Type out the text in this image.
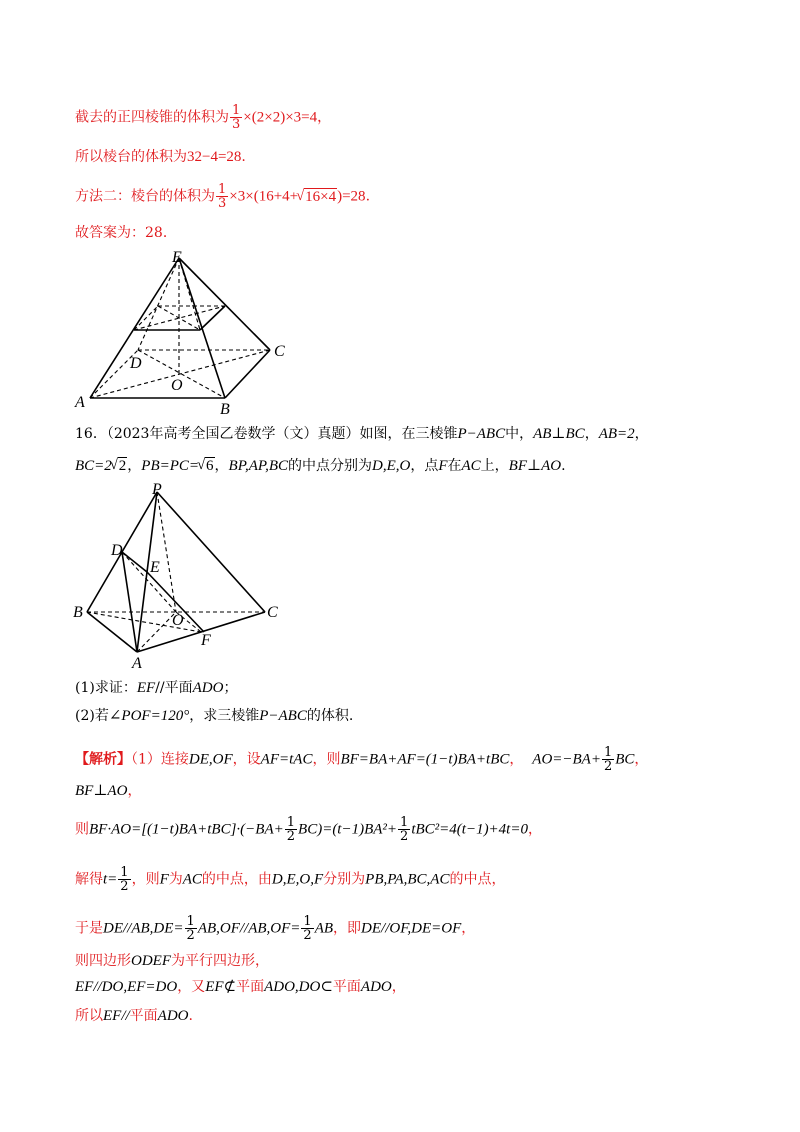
截去的正四棱锥的体积为 $\frac{1}{3} \times(2\times 2)\times 3=4$，
所以棱台的体积为32−4=28.
方法二：棱台的体积为 $\frac{1}{3} \times 3\times(16+4+$
√ 16×4)=28.
故答案为：28．
E
C
D
O
A	B
16．（2023年高考全国乙卷数学（文）真题）如图，在三棱锥P−ABC中，AB⊥BC，AB=2，
BC=2
√ 2，PB=PC=
√ 6，BP,AP,BC的中点分别为D,E,O，点F在AC上，BF⊥AO.
P
D
E
B	C
O
F
A
(1)求证：EF//平面ADO；
(2)若∠POF=120°，求三棱锥P−ABC的体积.
【解析】（1）连接DE,OF，设AF=tAC，则BF=BA+AF=(1−t)BA+tBC， $AO=-BA+ \frac{1}{2}$ BC，
BF⊥AO，
则$BF\cdot AO=[(1-t)BA+tBC]\cdot(-BA+ \frac{1}{2} BC)=(t-1)BA^2+ \frac{1}{2} tBC^2=4(t-1)+4t=0$，
解得$t= \frac{1}{2}$ ，则F为AC的中点，由D,E,O,F分别为PB,PA,BC,AC的中点，
于是$DE//AB,DE= \frac{1}{2} AB,OF//AB,OF= \frac{1}{2}$ AB，即DE//OF,DE=OF，
则四边形ODEF为平行四边形，
EF//DO,EF=DO，又EF⊄平面ADO,DO⊂平面ADO，
所以EF//平面ADO.
